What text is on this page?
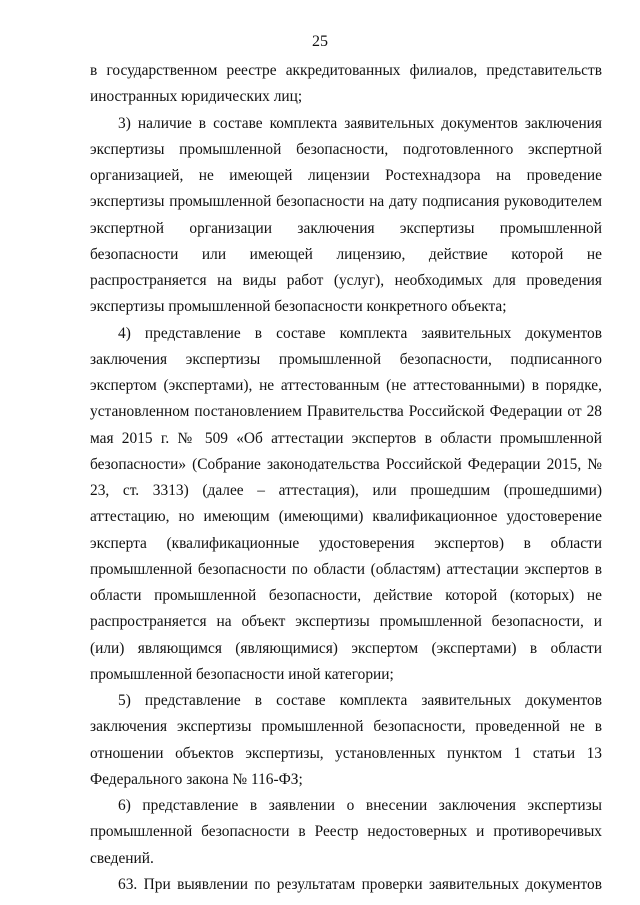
25

в государственном реестре аккредитованных филиалов, представительств иностранных юридических лиц;

3) наличие в составе комплекта заявительных документов заключения экспертизы промышленной безопасности, подготовленного экспертной организацией, не имеющей лицензии Ростехнадзора на проведение экспертизы промышленной безопасности на дату подписания руководителем экспертной организации заключения экспертизы промышленной безопасности или имеющей лицензию, действие которой не распространяется на виды работ (услуг), необходимых для проведения экспертизы промышленной безопасности конкретного объекта;

4) представление в составе комплекта заявительных документов заключения экспертизы промышленной безопасности, подписанного экспертом (экспертами), не аттестованным (не аттестованными) в порядке, установленном постановлением Правительства Российской Федерации от 28 мая 2015 г. № 509 «Об аттестации экспертов в области промышленной безопасности» (Собрание законодательства Российской Федерации 2015, № 23, ст. 3313) (далее – аттестация), или прошедшим (прошедшими) аттестацию, но имеющим (имеющими) квалификационное удостоверение эксперта (квалификационные удостоверения экспертов) в области промышленной безопасности по области (областям) аттестации экспертов в области промышленной безопасности, действие которой (которых) не распространяется на объект экспертизы промышленной безопасности, и (или) являющимся (являющимися) экспертом (экспертами) в области промышленной безопасности иной категории;

5) представление в составе комплекта заявительных документов заключения экспертизы промышленной безопасности, проведенной не в отношении объектов экспертизы, установленных пунктом 1 статьи 13 Федерального закона № 116-ФЗ;

6) представление в заявлении о внесении заключения экспертизы промышленной безопасности в Реестр недостоверных и противоречивых сведений.

63. При выявлении по результатам проверки заявительных документов
